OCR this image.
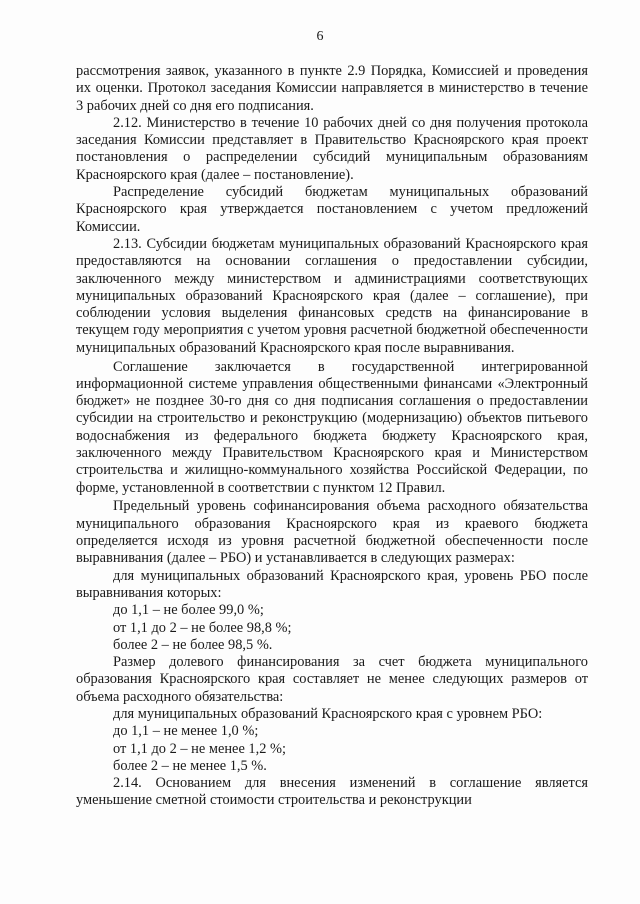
6

рассмотрения заявок, указанного в пункте 2.9 Порядка, Комиссией и проведения их оценки. Протокол заседания Комиссии направляется в министерство в течение 3 рабочих дней со дня его подписания.

2.12. Министерство в течение 10 рабочих дней со дня получения протокола заседания Комиссии представляет в Правительство Красноярского края проект постановления о распределении субсидий муниципальным образованиям Красноярского края (далее – постановление).

Распределение субсидий бюджетам муниципальных образований Красноярского края утверждается постановлением с учетом предложений Комиссии.

2.13. Субсидии бюджетам муниципальных образований Красноярского края предоставляются на основании соглашения о предоставлении субсидии, заключенного между министерством и администрациями соответствующих муниципальных образований Красноярского края (далее – соглашение), при соблюдении условия выделения финансовых средств на финансирование в текущем году мероприятия с учетом уровня расчетной бюджетной обеспеченности муниципальных образований Красноярского края после выравнивания.

Соглашение заключается в государственной интегрированной информационной системе управления общественными финансами «Электронный бюджет» не позднее 30-го дня со дня подписания соглашения о предоставлении субсидии на строительство и реконструкцию (модернизацию) объектов питьевого водоснабжения из федерального бюджета бюджету Красноярского края, заключенного между Правительством Красноярского края и Министерством строительства и жилищно-коммунального хозяйства Российской Федерации, по форме, установленной в соответствии с пунктом 12 Правил.

Предельный уровень софинансирования объема расходного обязательства муниципального образования Красноярского края из краевого бюджета определяется исходя из уровня расчетной бюджетной обеспеченности после выравнивания (далее – РБО) и устанавливается в следующих размерах:

для муниципальных образований Красноярского края, уровень РБО после выравнивания которых:

до 1,1 – не более 99,0 %;

от 1,1 до 2 – не более 98,8 %;

более 2 – не более 98,5 %.

Размер долевого финансирования за счет бюджета муниципального образования Красноярского края составляет не менее следующих размеров от объема расходного обязательства:

для муниципальных образований Красноярского края с уровнем РБО:

до 1,1 – не менее 1,0 %;

от 1,1 до 2 – не менее 1,2 %;

более 2 – не менее 1,5 %.

2.14. Основанием для внесения изменений в соглашение является уменьшение сметной стоимости строительства и реконструкции
